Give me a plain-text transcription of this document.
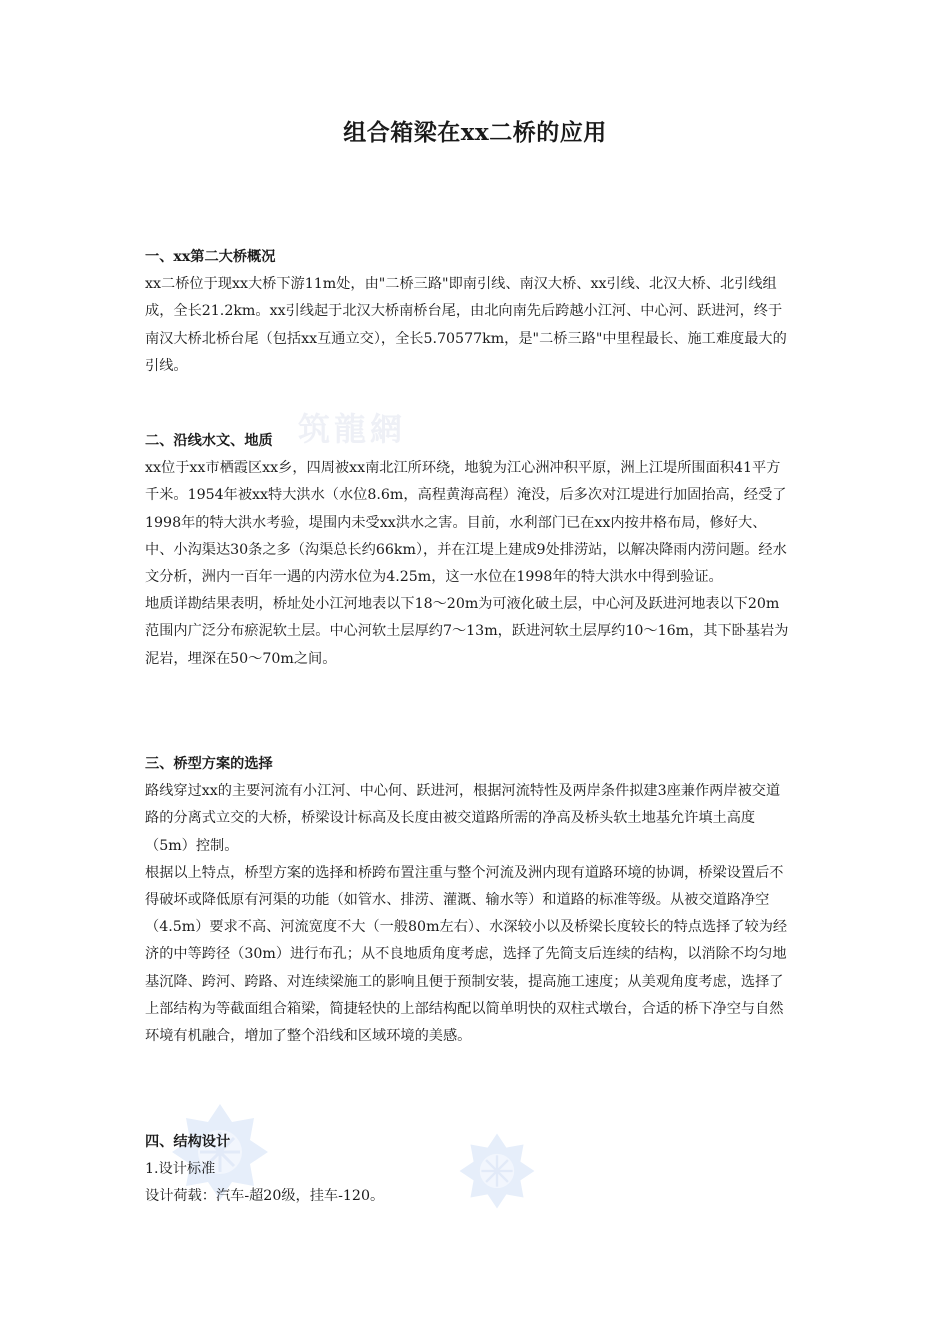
筑龍網
组合箱梁在xx二桥的应用

一、xx第二大桥概况

xx二桥位于现xx大桥下游11m处，由"二桥三路"即南引线、南汉大桥、xx引线、北汉大桥、北引线组成，全长21.2km。xx引线起于北汉大桥南桥台尾，由北向南先后跨越小江河、中心河、跃进河，终于南汉大桥北桥台尾（包括xx互通立交），全长5.70577km，是"二桥三路"中里程最长、施工难度最大的引线。

二、沿线水文、地质

xx位于xx市栖霞区xx乡，四周被xx南北江所环绕，地貌为江心洲冲积平原，洲上江堤所围面积41平方千米。1954年被xx特大洪水（水位8.6m，高程黄海高程）淹没，后多次对江堤进行加固抬高，经受了1998年的特大洪水考验，堤围内未受xx洪水之害。目前，水利部门已在xx内按井格布局，修好大、中、小沟渠达30条之多（沟渠总长约66km），并在江堤上建成9处排涝站，以解决降雨内涝问题。经水文分析，洲内一百年一遇的内涝水位为4.25m，这一水位在1998年的特大洪水中得到验证。

地质详勘结果表明，桥址处小江河地表以下18～20m为可液化破土层，中心河及跃进河地表以下20m范围内广泛分布瘀泥软土层。中心河软土层厚约7～13m，跃进河软土层厚约10～16m，其下卧基岩为泥岩，埋深在50～70m之间。

三、桥型方案的选择

路线穿过xx的主要河流有小江河、中心何、跃进河，根据河流特性及两岸条件拟建3座兼作两岸被交道路的分离式立交的大桥，桥梁设计标高及长度由被交道路所需的净高及桥头软土地基允许填土高度（5m）控制。

根据以上特点，桥型方案的选择和桥跨布置注重与整个河流及洲内现有道路环境的协调，桥梁设置后不得破坏或降低原有河渠的功能（如管水、排涝、灌溉、输水等）和道路的标准等级。从被交道路净空（4.5m）要求不高、河流宽度不大（一般80m左右）、水深较小以及桥梁长度较长的特点选择了较为经济的中等跨径（30m）进行布孔；从不良地质角度考虑，选择了先简支后连续的结构，以消除不均匀地基沉降、跨河、跨路、对连续梁施工的影响且便于预制安装，提高施工速度；从美观角度考虑，选择了上部结构为等截面组合箱梁，简捷轻快的上部结构配以简单明快的双柱式墩台，合适的桥下净空与自然环境有机融合，增加了整个沿线和区域环境的美感。

四、结构设计

1.设计标准

设计荷载：汽车-超20级，挂车-120。
